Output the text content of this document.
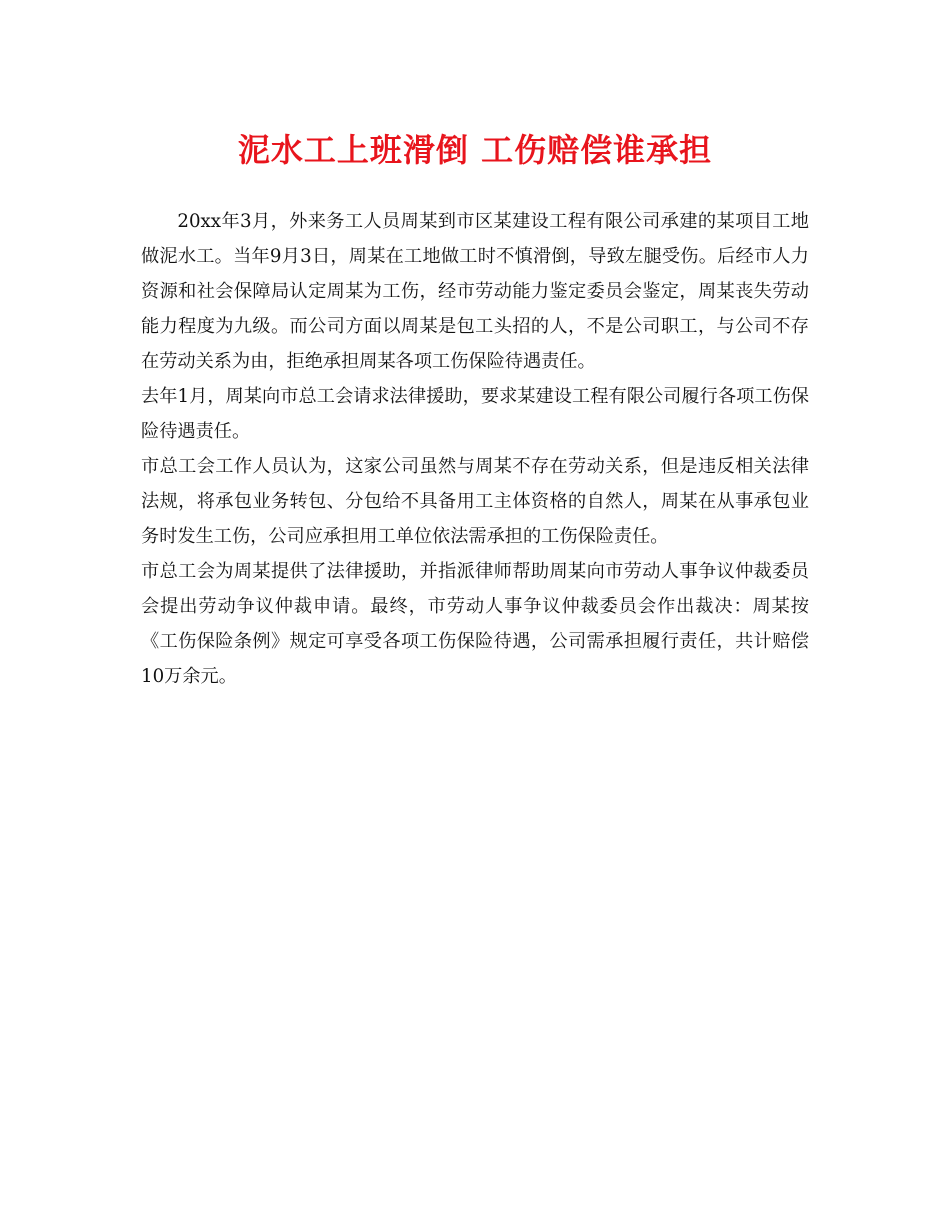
泥水工上班滑倒 工伤赔偿谁承担

20xx年3月，外来务工人员周某到市区某建设工程有限公司承建的某项目工地做泥水工。当年9月3日，周某在工地做工时不慎滑倒，导致左腿受伤。后经市人力资源和社会保障局认定周某为工伤，经市劳动能力鉴定委员会鉴定，周某丧失劳动能力程度为九级。而公司方面以周某是包工头招的人，不是公司职工，与公司不存在劳动关系为由，拒绝承担周某各项工伤保险待遇责任。

去年1月，周某向市总工会请求法律援助，要求某建设工程有限公司履行各项工伤保险待遇责任。

市总工会工作人员认为，这家公司虽然与周某不存在劳动关系，但是违反相关法律法规，将承包业务转包、分包给不具备用工主体资格的自然人，周某在从事承包业务时发生工伤，公司应承担用工单位依法需承担的工伤保险责任。

市总工会为周某提供了法律援助，并指派律师帮助周某向市劳动人事争议仲裁委员会提出劳动争议仲裁申请。最终，市劳动人事争议仲裁委员会作出裁决：周某按《工伤保险条例》规定可享受各项工伤保险待遇，公司需承担履行责任，共计赔偿10万余元。
